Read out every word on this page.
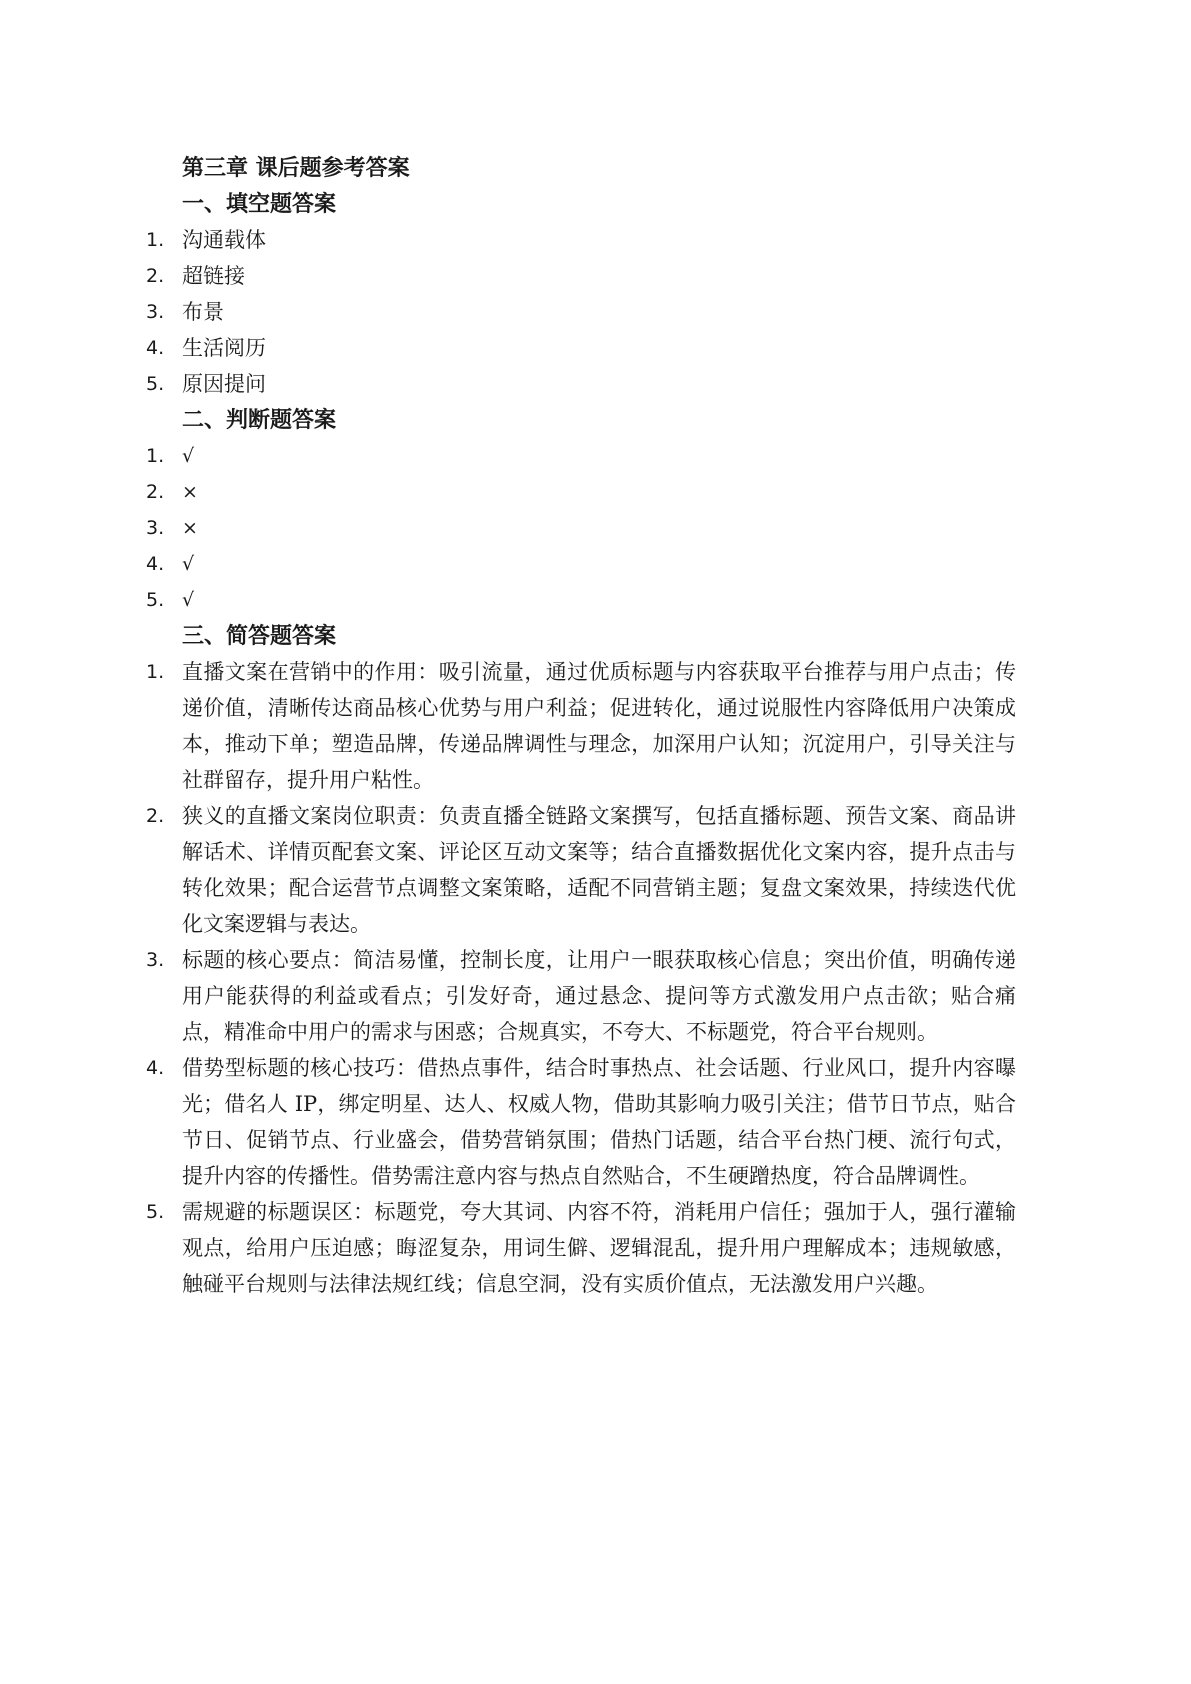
第三章 课后题参考答案
一、填空题答案
1. 沟通载体
2. 超链接
3. 布景
4. 生活阅历
5. 原因提问
二、判断题答案
1. √
2. ×
3. ×
4. √
5. √
三、简答题答案
1. 直播文案在营销中的作用：吸引流量，通过优质标题与内容获取平台推荐与用户点击；传递价值，清晰传达商品核心优势与用户利益；促进转化，通过说服性内容降低用户决策成本，推动下单；塑造品牌，传递品牌调性与理念，加深用户认知；沉淀用户，引导关注与社群留存，提升用户粘性。
2. 狭义的直播文案岗位职责：负责直播全链路文案撰写，包括直播标题、预告文案、商品讲解话术、详情页配套文案、评论区互动文案等；结合直播数据优化文案内容，提升点击与转化效果；配合运营节点调整文案策略，适配不同营销主题；复盘文案效果，持续迭代优化文案逻辑与表达。
3. 标题的核心要点：简洁易懂，控制长度，让用户一眼获取核心信息；突出价值，明确传递用户能获得的利益或看点；引发好奇，通过悬念、提问等方式激发用户点击欲；贴合痛点，精准命中用户的需求与困惑；合规真实，不夸大、不标题党，符合平台规则。
4. 借势型标题的核心技巧：借热点事件，结合时事热点、社会话题、行业风口，提升内容曝光；借名人 IP，绑定明星、达人、权威人物，借助其影响力吸引关注；借节日节点，贴合节日、促销节点、行业盛会，借势营销氛围；借热门话题，结合平台热门梗、流行句式，提升内容的传播性。借势需注意内容与热点自然贴合，不生硬蹭热度，符合品牌调性。
5. 需规避的标题误区：标题党，夸大其词、内容不符，消耗用户信任；强加于人，强行灌输观点，给用户压迫感；晦涩复杂，用词生僻、逻辑混乱，提升用户理解成本；违规敏感，触碰平台规则与法律法规红线；信息空洞，没有实质价值点，无法激发用户兴趣。
